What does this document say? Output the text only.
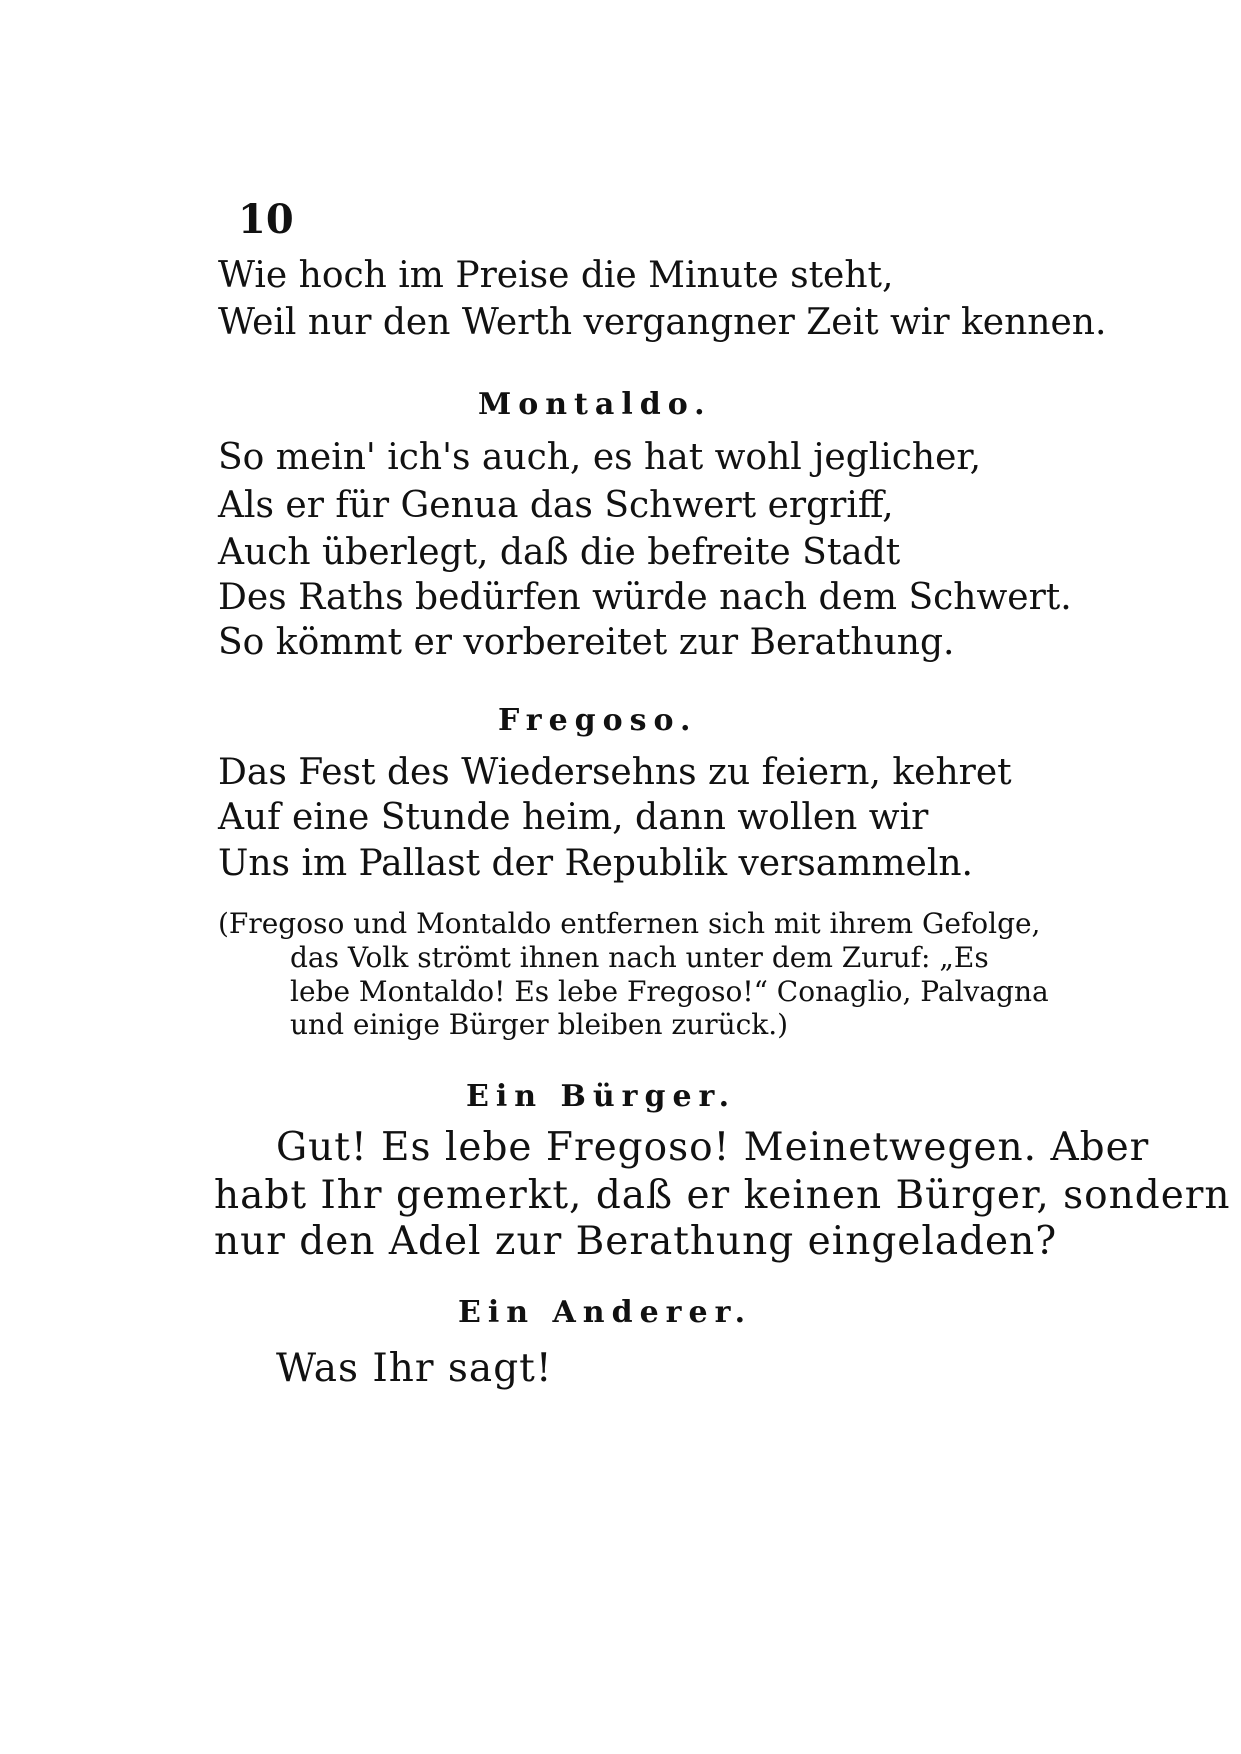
10
Wie hoch im Preise die Minute steht,
Weil nur den Werth vergangner Zeit wir kennen.
Montaldo.
So mein' ich's auch, es hat wohl jeglicher,
Als er für Genua das Schwert ergriff,
Auch überlegt, daß die befreite Stadt
Des Raths bedürfen würde nach dem Schwert.
So kömmt er vorbereitet zur Berathung.
Fregoso.
Das Fest des Wiedersehns zu feiern, kehret
Auf eine Stunde heim, dann wollen wir
Uns im Pallast der Republik versammeln.
(Fregoso und Montaldo entfernen sich mit ihrem Gefolge,
das Volk strömt ihnen nach unter dem Zuruf: „Es
lebe Montaldo! Es lebe Fregoso!“ Conaglio, Palvagna
und einige Bürger bleiben zurück.)
Ein Bürger.
Gut! Es lebe Fregoso! Meinetwegen. Aber
habt Ihr gemerkt, daß er keinen Bürger, sondern
nur den Adel zur Berathung eingeladen?
Ein Anderer.
Was Ihr sagt!
